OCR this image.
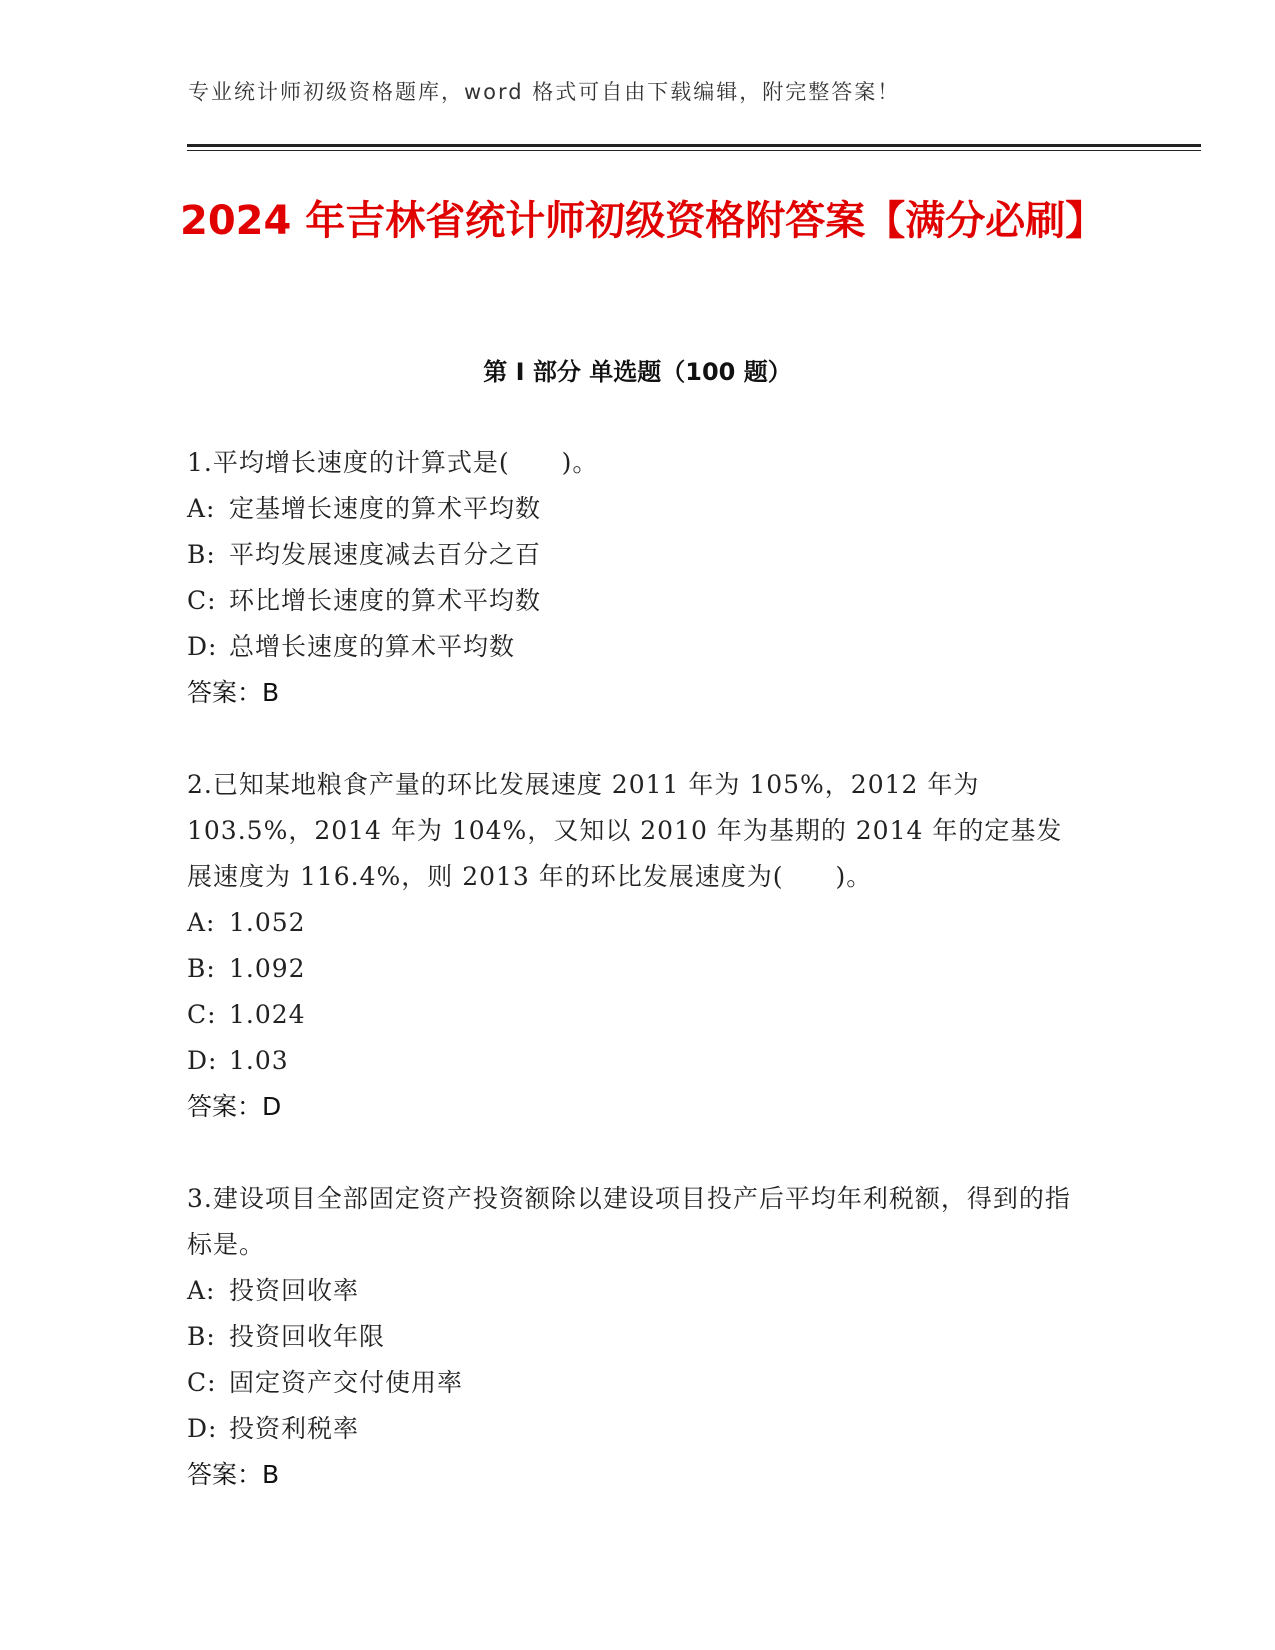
专业统计师初级资格题库，word 格式可自由下载编辑，附完整答案！
2024 年吉林省统计师初级资格附答案【满分必刷】
第 I 部分 单选题（100 题）
1.平均增长速度的计算式是(　　)。
A: 定基增长速度的算术平均数
B: 平均发展速度减去百分之百
C: 环比增长速度的算术平均数
D: 总增长速度的算术平均数
答案：B
2.已知某地粮食产量的环比发展速度 2011 年为 105%，2012 年为 103.5%，2014 年为 104%，又知以 2010 年为基期的 2014 年的定基发展速度为 116.4%，则 2013 年的环比发展速度为(　　)。
A: 1.052
B: 1.092
C: 1.024
D: 1.03
答案：D
3.建设项目全部固定资产投资额除以建设项目投产后平均年利税额，得到的指标是。
A: 投资回收率
B: 投资回收年限
C: 固定资产交付使用率
D: 投资利税率
答案：B
